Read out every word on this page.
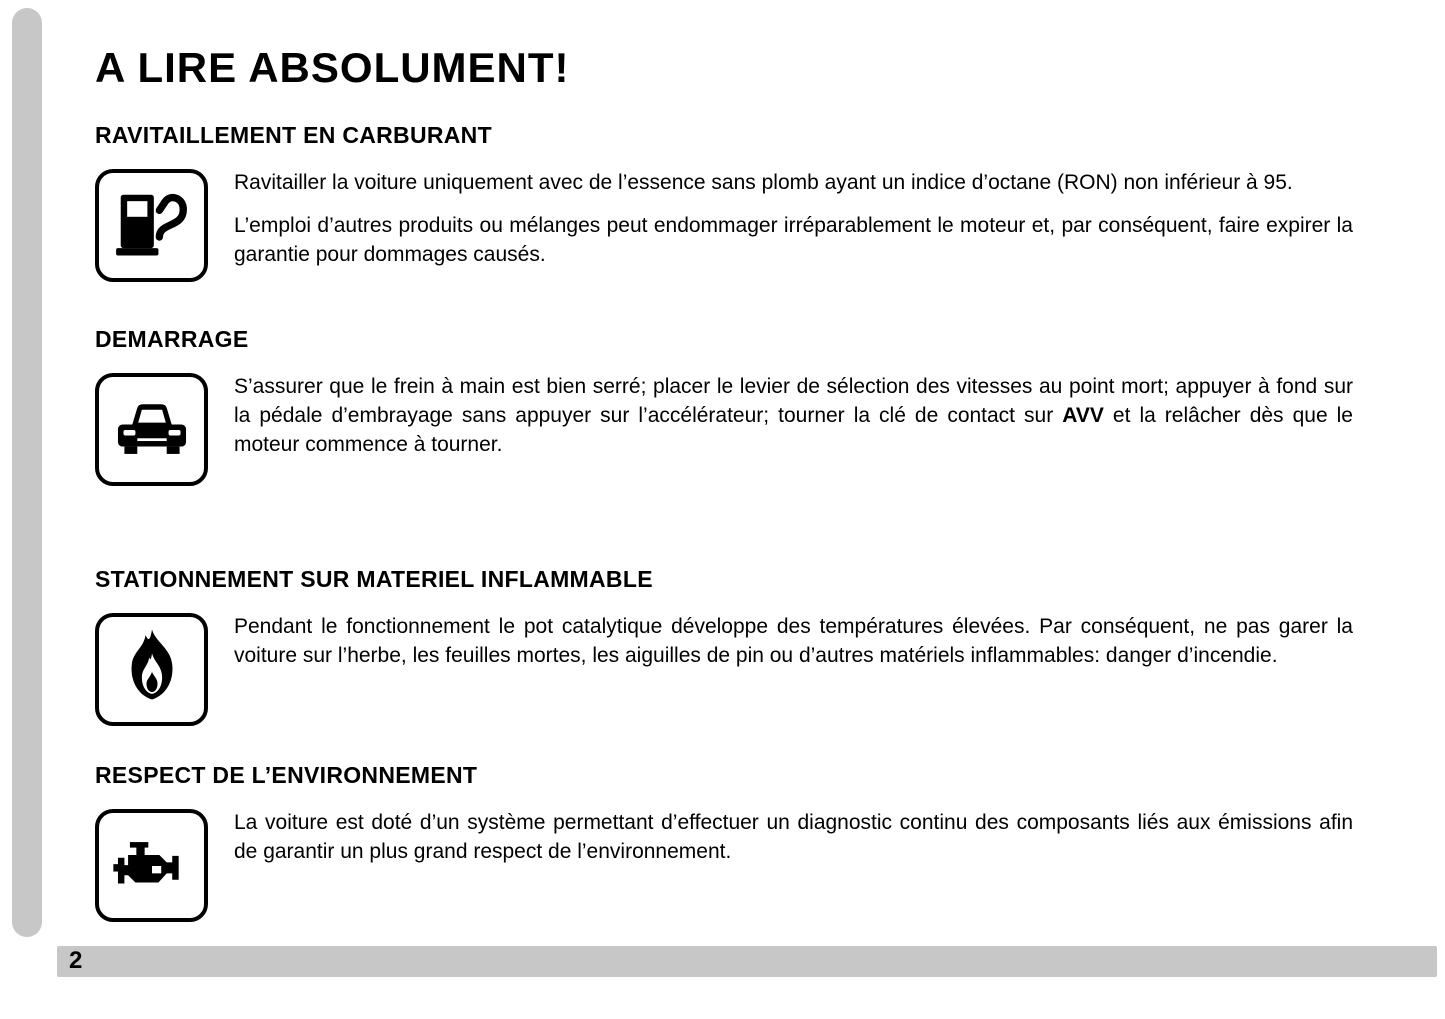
A LIRE ABSOLUMENT!
RAVITAILLEMENT EN CARBURANT

Ravitailler la voiture uniquement avec de l’essence sans plomb ayant un indice d’octane (RON) non inférieur à 95.

L’emploi d’autres produits ou mélanges peut endommager irréparablement le moteur et, par conséquent, faire expirer la garantie pour dommages causés.

DEMARRAGE

S’assurer que le frein à main est bien serré; placer le levier de sélection des vitesses au point mort; appuyer à fond sur la pédale d’embrayage sans appuyer sur l’accélérateur; tourner la clé de contact sur AVV et la relâcher dès que le moteur commence à tourner.

STATIONNEMENT SUR MATERIEL INFLAMMABLE

Pendant le fonctionnement le pot catalytique développe des températures élevées. Par conséquent, ne pas garer la voiture sur l’herbe, les feuilles mortes, les aiguilles de pin ou d’autres matériels inflammables: danger d’incendie.

RESPECT DE L’ENVIRONNEMENT

La voiture est doté d’un système permettant d’effectuer un diagnostic continu des composants liés aux émissions afin de garantir un plus grand respect de l’environnement.

2
